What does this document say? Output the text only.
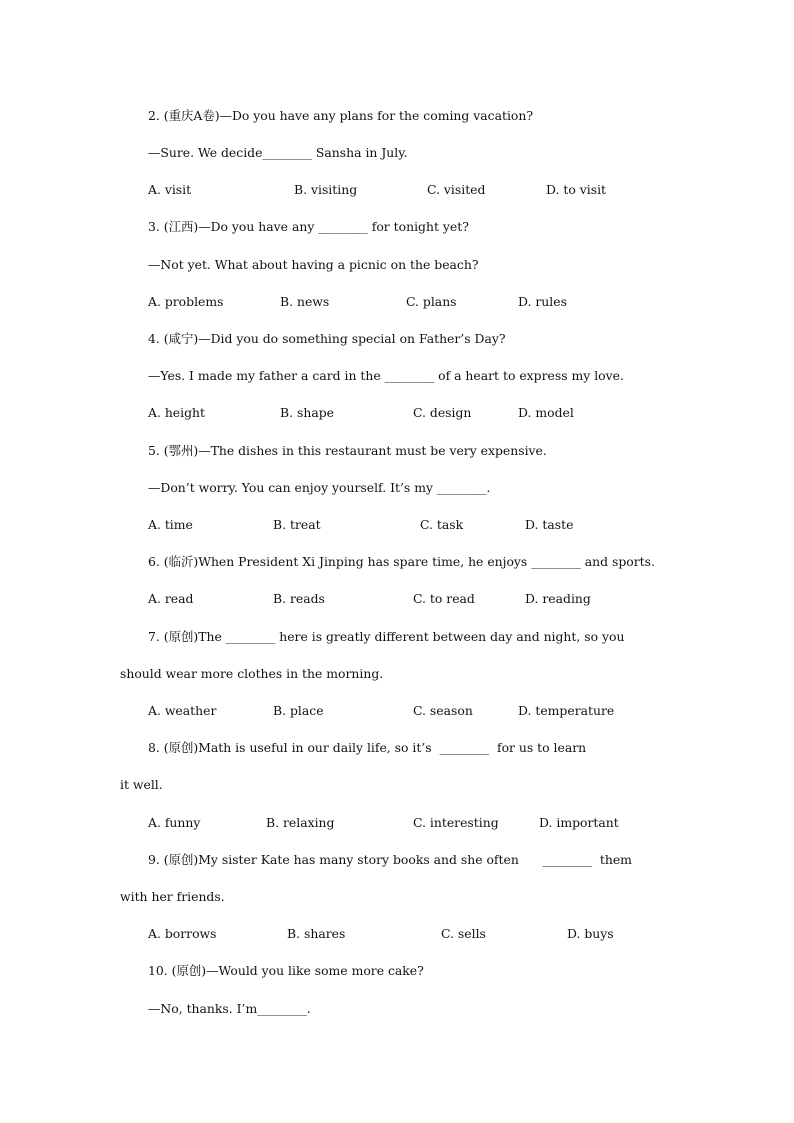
2. (重庆A卷)—Do you have any plans for the coming vacation?
—Sure. We decide________ Sansha in July.
A. visit	B. visiting	C. visited	D. to visit
3. (江西)—Do you have any ________ for tonight yet?
—Not yet. What about having a picnic on the beach?
A. problems	B. news	C. plans	D. rules
4. (咸宁)—Did you do something special on Father’s Day?
—Yes. I made my father a card in the ________ of a heart to express my love.
A. height	B. shape	C. design	D. model
5. (鄂州)—The dishes in this restaurant must be very expensive.
—Don’t worry. You can enjoy yourself. It’s my ________.
A. time	B. treat	C. task	D. taste
6. (临沂)When President Xi Jinping has spare time, he enjoys ________ and sports.
A. read	B. reads	C. to read	D. reading
7. (原创)The ________ here is greatly different between day and night, so you
should wear more clothes in the morning.
A. weather	B. place	C. season	D. temperature
8. (原创)Math is useful in our daily life, so it’s  ________  for us to learn
it well.
A. funny	B. relaxing	C. interesting	D. important
9. (原创)My sister Kate has many story books and she often      ________  them
with her friends.
A. borrows	B. shares	C. sells	D. buys
10. (原创)—Would you like some more cake?
—No, thanks. I’m________.
